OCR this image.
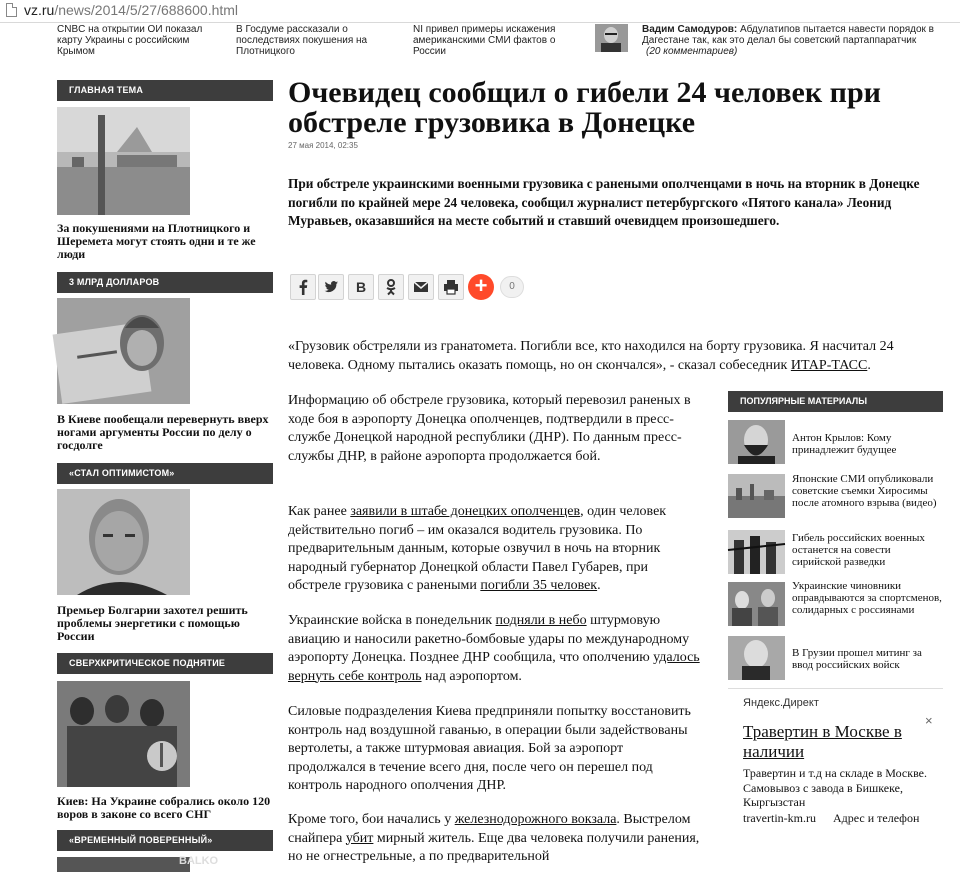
vz.ru/news/2014/5/27/688600.html
CNBC на открытии ОИ показал карту Украины с российским Крымом
В Госдуме рассказали о последствиях покушения на Плотницкого
NI привел примеры искажения американскими СМИ фактов о России
Вадим Самодуров: Абдулатипов пытается навести порядок в Дагестане так, как это делал бы советский партаппаратчик
(20 комментариев)
ГЛАВНАЯ ТЕМА
За покушениями на Плотницкого и Шеремета могут стоять одни и те же люди
3 МЛРД ДОЛЛАРОВ
В Киеве пообещали перевернуть вверх ногами аргументы России по делу о госдолге
«СТАЛ ОПТИМИСТОМ»
Премьер Болгарии захотел решить проблемы энергетики с помощью России
СВЕРХКРИТИЧЕСКОЕ ПОДНЯТИЕ
Киев: На Украине собрались около 120 воров в законе со всего СНГ
«ВРЕМЕННЫЙ ПОВЕРЕННЫЙ»
BALKO
Очевидец сообщил о гибели 24 человек при обстреле грузовика в Донецке
27 мая 2014, 02:35
При обстреле украинскими военными грузовика с ранеными ополченцами в ночь на вторник в Донецке погибли по крайней мере 24 человека, сообщил журналист петербургского «Пятого канала» Леонид Муравьев, оказавшийся на месте событий и ставший очевидцем произошедшего.
В	+	0
«Грузовик обстреляли из гранатомета. Погибли все, кто находился на борту грузовика. Я насчитал 24 человека. Одному пытались оказать помощь, но он скончался», - сказал собеседник ИТАР-ТАСС.
Информацию об обстреле грузовика, который перевозил раненых в ходе боя в аэропорту Донецка ополченцев, подтвердили в пресс-службе Донецкой народной республики (ДНР). По данным пресс-службы ДНР, в районе аэропорта продолжается бой.
Как ранее заявили в штабе донецких ополченцев, один человек действительно погиб – им оказался водитель грузовика. По предварительным данным, которые озвучил в ночь на вторник народный губернатор Донецкой области Павел Губарев, при обстреле грузовика с ранеными погибли 35 человек.
Украинские войска в понедельник подняли в небо штурмовую авиацию и наносили ракетно-бомбовые удары по международному аэропорту Донецка. Позднее ДНР сообщила, что ополчению удалось вернуть себе контроль над аэропортом.
Силовые подразделения Киева предприняли попытку восстановить контроль над воздушной гаванью, в операции были задействованы вертолеты, а также штурмовая авиация. Бой за аэропорт продолжался в течение всего дня, после чего он перешел под контроль народного ополчения ДНР.
Кроме того, бои начались у железнодорожного вокзала. Выстрелом снайпера убит мирный житель. Еще два человека получили ранения, но не огнестрельные, а по предварительной
ПОПУЛЯРНЫЕ МАТЕРИАЛЫ
Антон Крылов: Кому принадлежит будущее
Японские СМИ опубликовали советские съемки Хиросимы после атомного взрыва (видео)
Гибель российских военных останется на совести сирийской разведки
Украинские чиновники оправдываются за спортсменов, солидарных с россиянами
В Грузии прошел митинг за ввод российских войск
Яндекс.Директ
×
Травертин в Москве в наличии
Травертин и т.д на складе в Москве. Самовывоз с завода в Бишкеке, Кыргызстан
travertin-km.ru Адрес и телефон
